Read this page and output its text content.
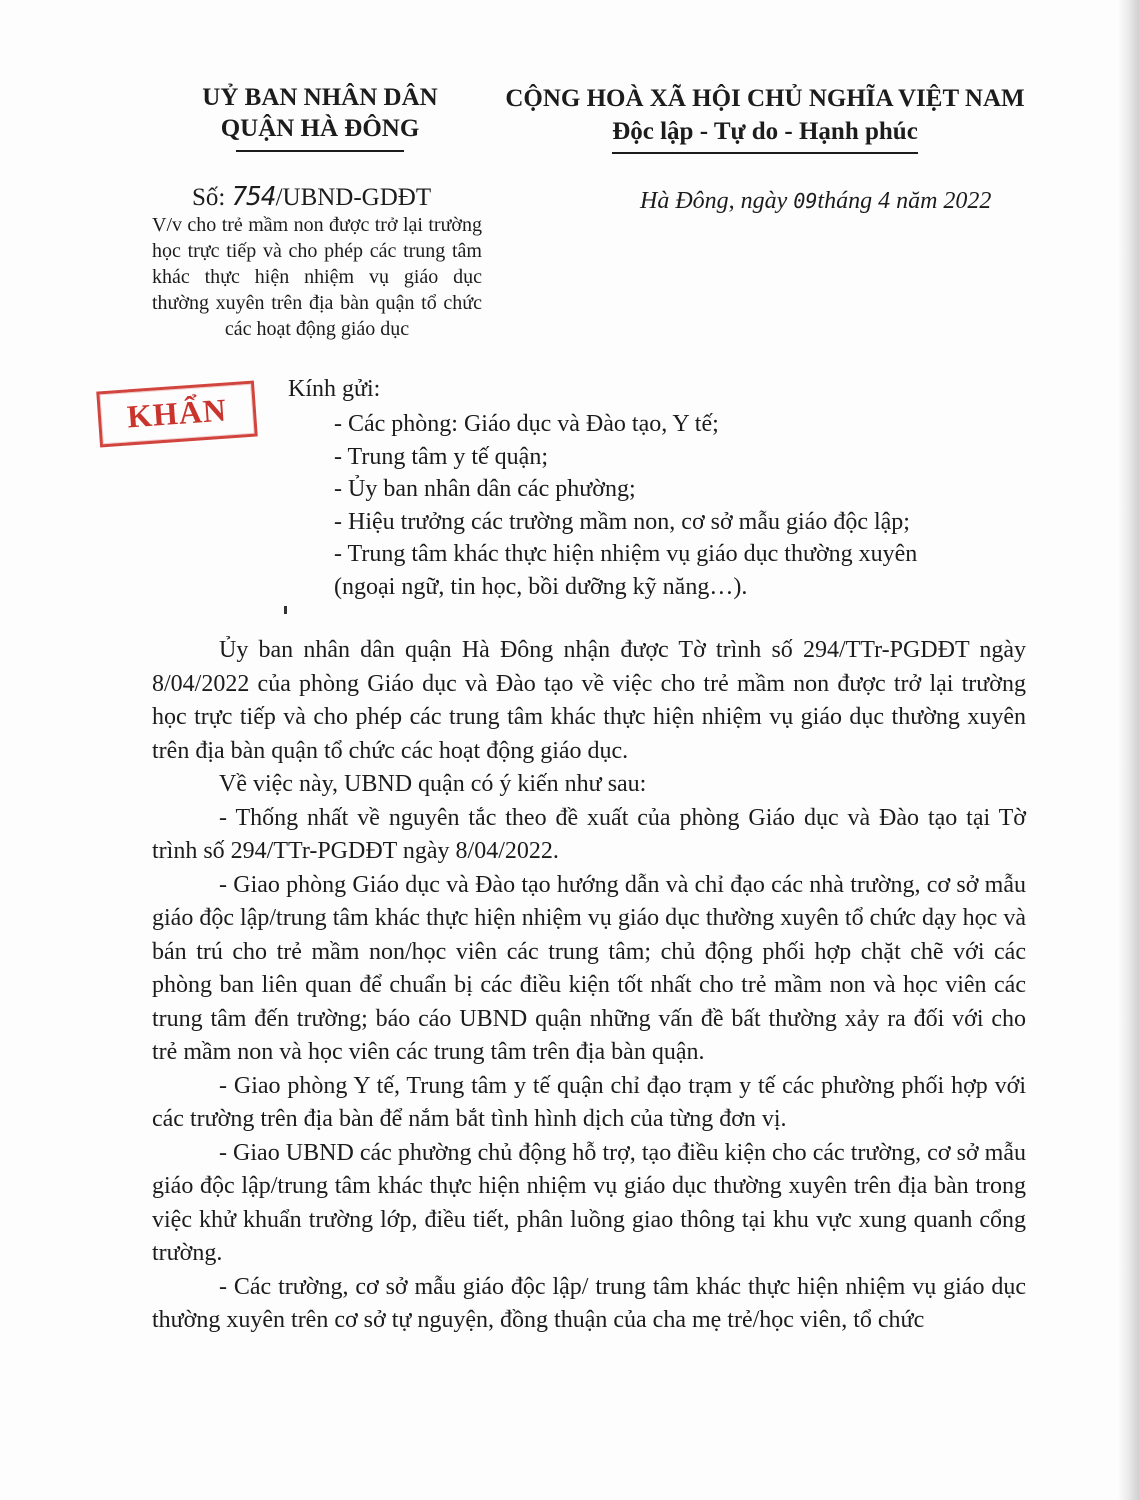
UỶ BAN NHÂN DÂN
QUẬN HÀ ĐÔNG
CỘNG HOÀ XÃ HỘI CHỦ NGHĨA VIỆT NAM
Độc lập - Tự do - Hạnh phúc
Số: 754/UBND-GDĐT	Hà Đông, ngày 09tháng 4 năm 2022
V/v cho trẻ mầm non được trở lại trường học trực tiếp và cho phép các trung tâm khác thực hiện nhiệm vụ giáo dục thường xuyên trên địa bàn quận tổ chức các hoạt động giáo dục
KHẨN
Kính gửi:
- Các phòng: Giáo dục và Đào tạo, Y tế;
- Trung tâm y tế quận;
- Ủy ban nhân dân các phường;
- Hiệu trưởng các trường mầm non, cơ sở mẫu giáo độc lập;
- Trung tâm khác thực hiện nhiệm vụ giáo dục thường xuyên
(ngoại ngữ, tin học, bồi dưỡng kỹ năng…).

Ủy ban nhân dân quận Hà Đông nhận được Tờ trình số 294/TTr-PGDĐT ngày 8/04/2022 của phòng Giáo dục và Đào tạo về việc cho trẻ mầm non được trở lại trường học trực tiếp và cho phép các trung tâm khác thực hiện nhiệm vụ giáo dục thường xuyên trên địa bàn quận tổ chức các hoạt động giáo dục.

Về việc này, UBND quận có ý kiến như sau:

- Thống nhất về nguyên tắc theo đề xuất của phòng Giáo dục và Đào tạo tại Tờ trình số 294/TTr-PGDĐT ngày 8/04/2022.

- Giao phòng Giáo dục và Đào tạo hướng dẫn và chỉ đạo các nhà trường, cơ sở mẫu giáo độc lập/trung tâm khác thực hiện nhiệm vụ giáo dục thường xuyên tổ chức dạy học và bán trú cho trẻ mầm non/học viên các trung tâm; chủ động phối hợp chặt chẽ với các phòng ban liên quan để chuẩn bị các điều kiện tốt nhất cho trẻ mầm non và học viên các trung tâm đến trường; báo cáo UBND quận những vấn đề bất thường xảy ra đối với cho trẻ mầm non và học viên các trung tâm trên địa bàn quận.

- Giao phòng Y tế, Trung tâm y tế quận chỉ đạo trạm y tế các phường phối hợp với các trường trên địa bàn để nắm bắt tình hình dịch của từng đơn vị.

- Giao UBND các phường chủ động hỗ trợ, tạo điều kiện cho các trường, cơ sở mẫu giáo độc lập/trung tâm khác thực hiện nhiệm vụ giáo dục thường xuyên trên địa bàn trong việc khử khuẩn trường lớp, điều tiết, phân luồng giao thông tại khu vực xung quanh cổng trường.

- Các trường, cơ sở mẫu giáo độc lập/ trung tâm khác thực hiện nhiệm vụ giáo dục thường xuyên trên cơ sở tự nguyện, đồng thuận của cha mẹ trẻ/học viên, tổ chức
